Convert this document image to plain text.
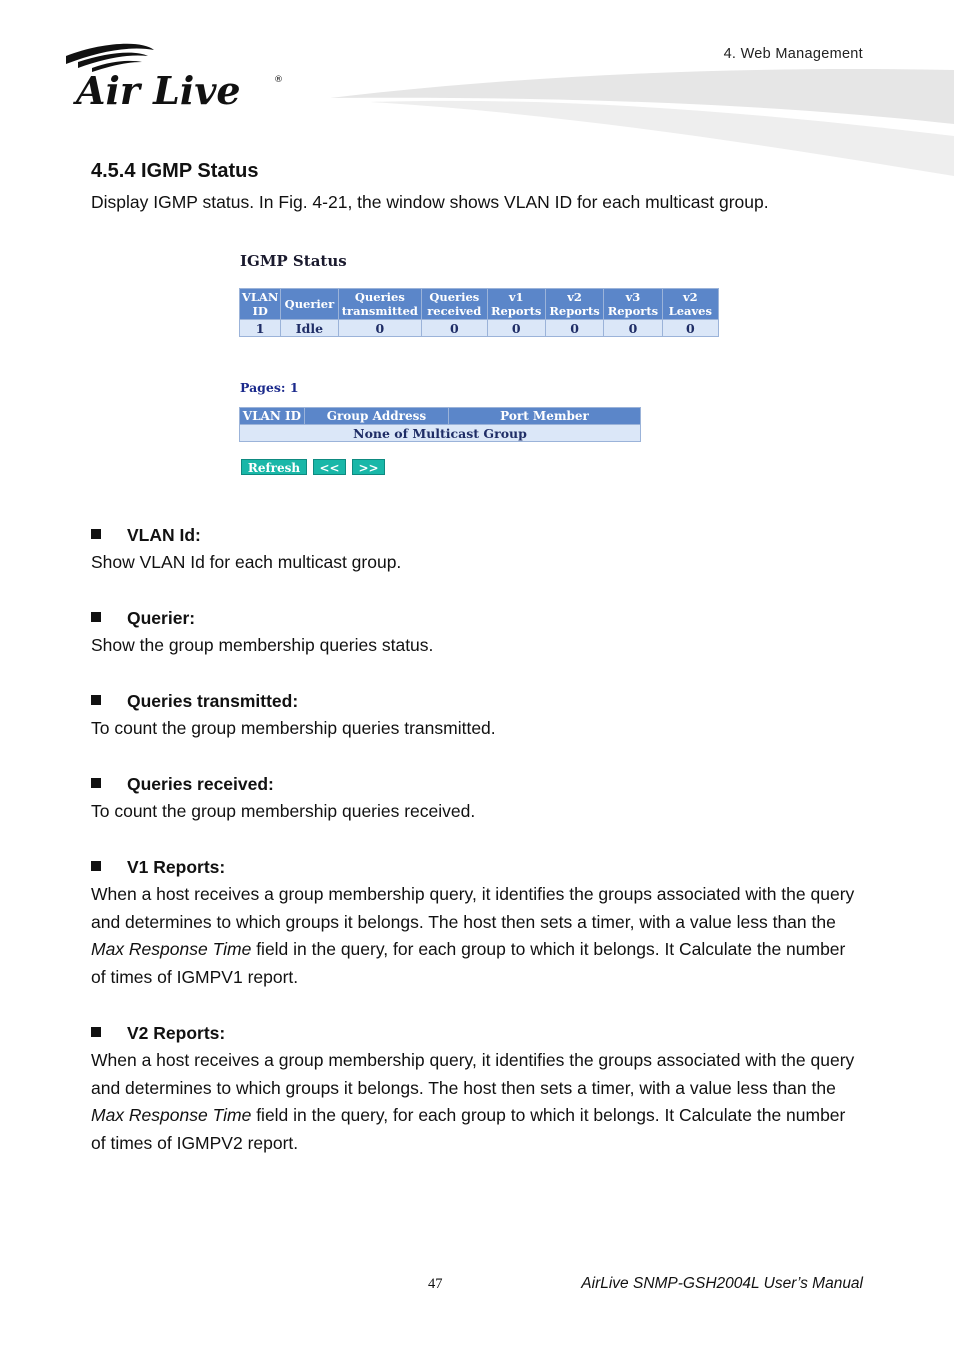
Air Live	®
4. Web Management
4.5.4 IGMP Status
Display IGMP status. In Fig. 4-21, the window shows VLAN ID for each multicast group.
IGMP Status
VLAN ID	Querier	Queries transmitted	Queries received	v1 Reports	v2 Reports	v3 Reports	v2 Leaves
1	Idle	0	0	0	0	0	0
Pages: 1
VLAN ID	Group Address	Port Member
None of Multicast Group
Refresh	<<	>>
VLAN Id:
Show VLAN Id for each multicast group.
Querier:
Show the group membership queries status.
Queries transmitted:
To count the group membership queries transmitted.
Queries received:
To count the group membership queries received.
V1 Reports:
When a host receives a group membership query, it identifies the groups associated with the query and determines to which groups it belongs. The host then sets a timer, with a value less than the Max Response Time field in the query, for each group to which it belongs. It Calculate the number of times of IGMPV1 report.
V2 Reports:
When a host receives a group membership query, it identifies the groups associated with the query and determines to which groups it belongs. The host then sets a timer, with a value less than the Max Response Time field in the query, for each group to which it belongs. It Calculate the number of times of IGMPV2 report.
47	AirLive SNMP-GSH2004L User’s Manual
